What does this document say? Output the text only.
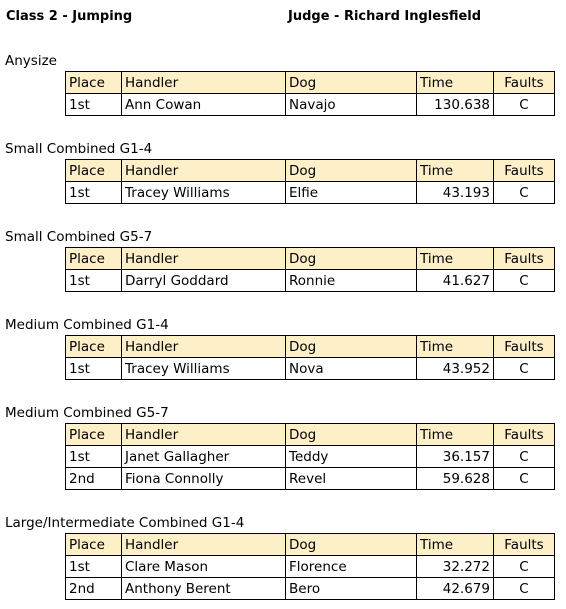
Class 2 - Jumping	Judge - Richard Inglesfield
Anysize
Place	Handler	Dog	Time	Faults
1st	Ann Cowan	Navajo	130.638	C
Small Combined G1-4
Place	Handler	Dog	Time	Faults
1st	Tracey Williams	Elfie	43.193	C
Small Combined G5-7
Place	Handler	Dog	Time	Faults
1st	Darryl Goddard	Ronnie	41.627	C
Medium Combined G1-4
Place	Handler	Dog	Time	Faults
1st	Tracey Williams	Nova	43.952	C
Medium Combined G5-7
Place	Handler	Dog	Time	Faults
1st	Janet Gallagher	Teddy	36.157	C
2nd	Fiona Connolly	Revel	59.628	C
Large/Intermediate Combined G1-4
Place	Handler	Dog	Time	Faults
1st	Clare Mason	Florence	32.272	C
2nd	Anthony Berent	Bero	42.679	C
